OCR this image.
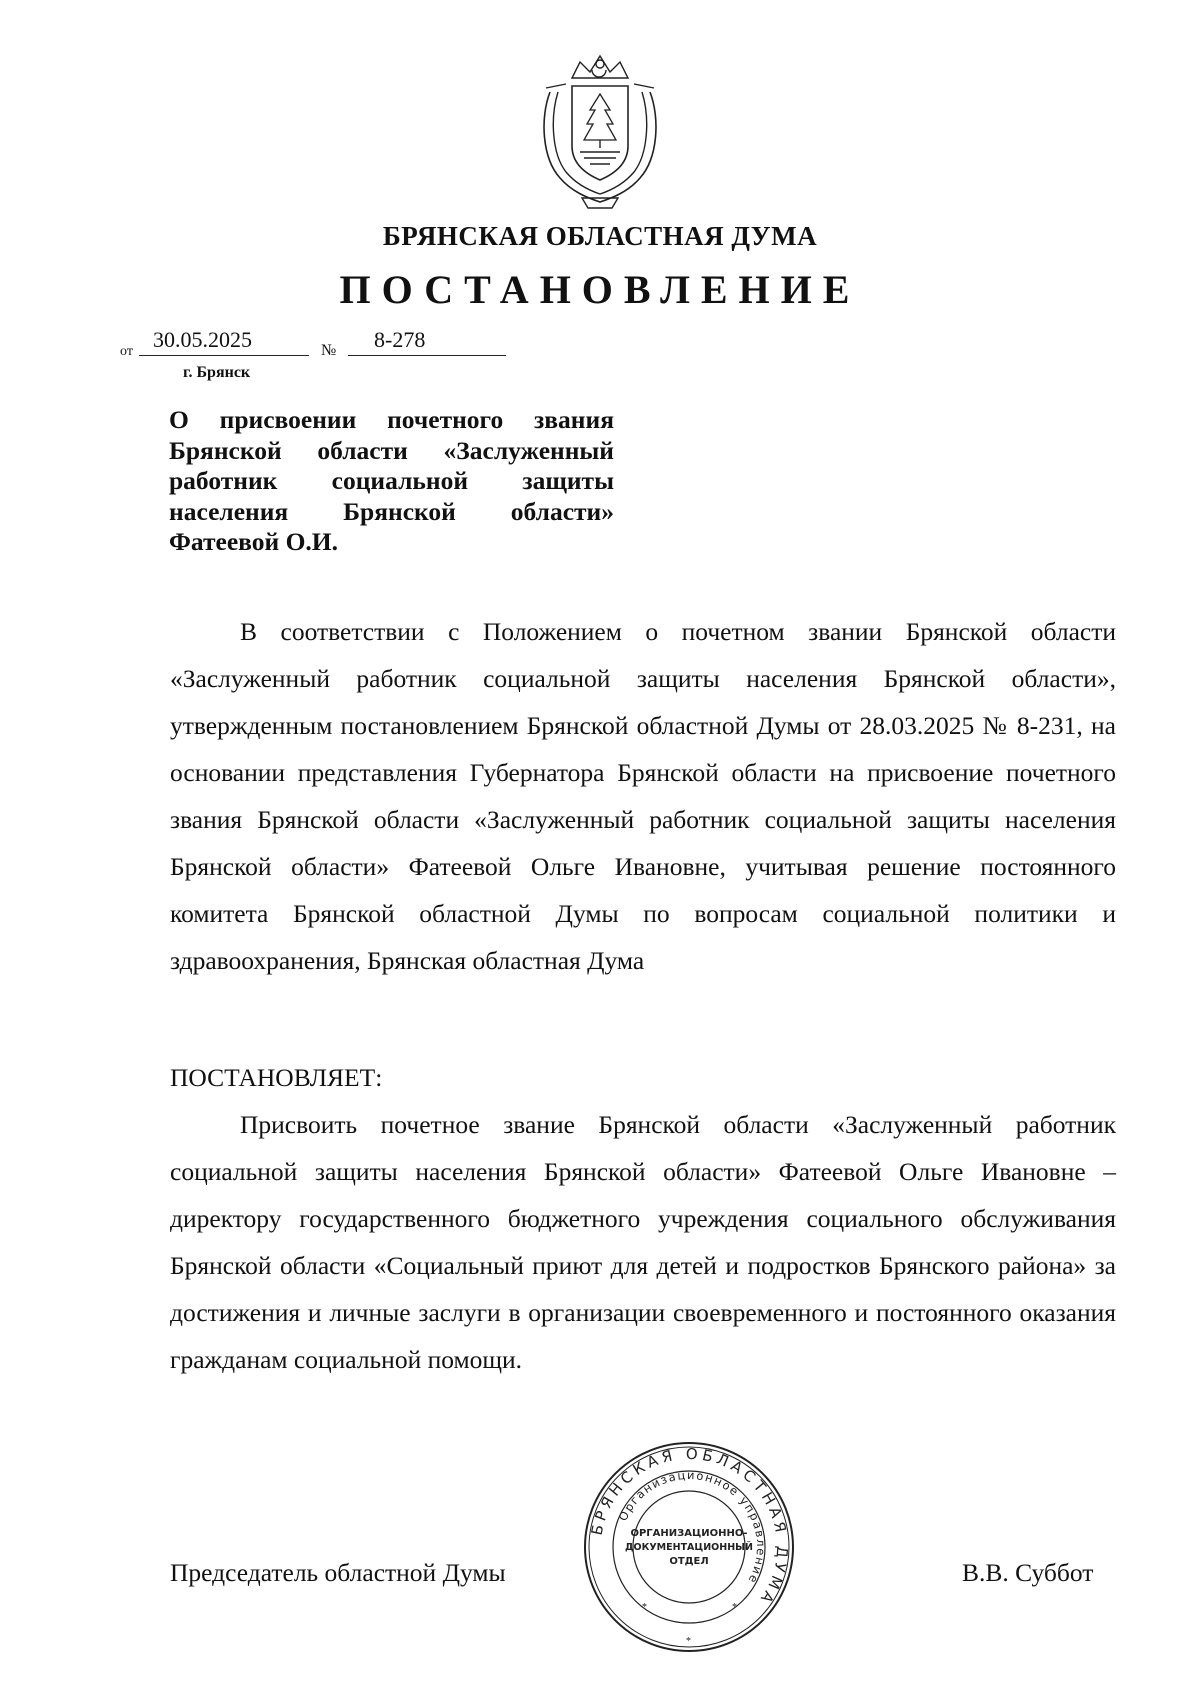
БРЯНСКАЯ ОБЛАСТНАЯ ДУМА
ПОСТАНОВЛЕНИЕ
от 30.05.2025	№ 8-278
г. Брянск
О присвоении почетного звания Брянской области «Заслуженный работник социальной защиты населения Брянской области» Фатеевой О.И.
В соответствии с Положением о почетном звании Брянской области «Заслуженный работник социальной защиты населения Брянской области», утвержденным постановлением Брянской областной Думы от 28.03.2025 № 8-231, на основании представления Губернатора Брянской области на присвоение почетного звания Брянской области «Заслуженный работник социальной защиты населения Брянской области» Фатеевой Ольге Ивановне, учитывая решение постоянного комитета Брянской областной Думы по вопросам социальной политики и здравоохранения, Брянская областная Дума
ПОСТАНОВЛЯЕТ:
Присвоить почетное звание Брянской области «Заслуженный работник социальной защиты населения Брянской области» Фатеевой Ольге Ивановне – директору государственного бюджетного учреждения социального обслуживания Брянской области «Социальный приют для детей и подростков Брянского района» за достижения и личные заслуги в организации своевременного и постоянного оказания гражданам социальной помощи.
Председатель областной Думы	В.В. Суббот
БРЯНСКАЯ ОБЛАСТНАЯ ДУМА
Организационное управление
ОРГАНИЗАЦИОННО-
ДОКУМЕНТАЦИОННЫЙ
ОТДЕЛ
*	*
*
